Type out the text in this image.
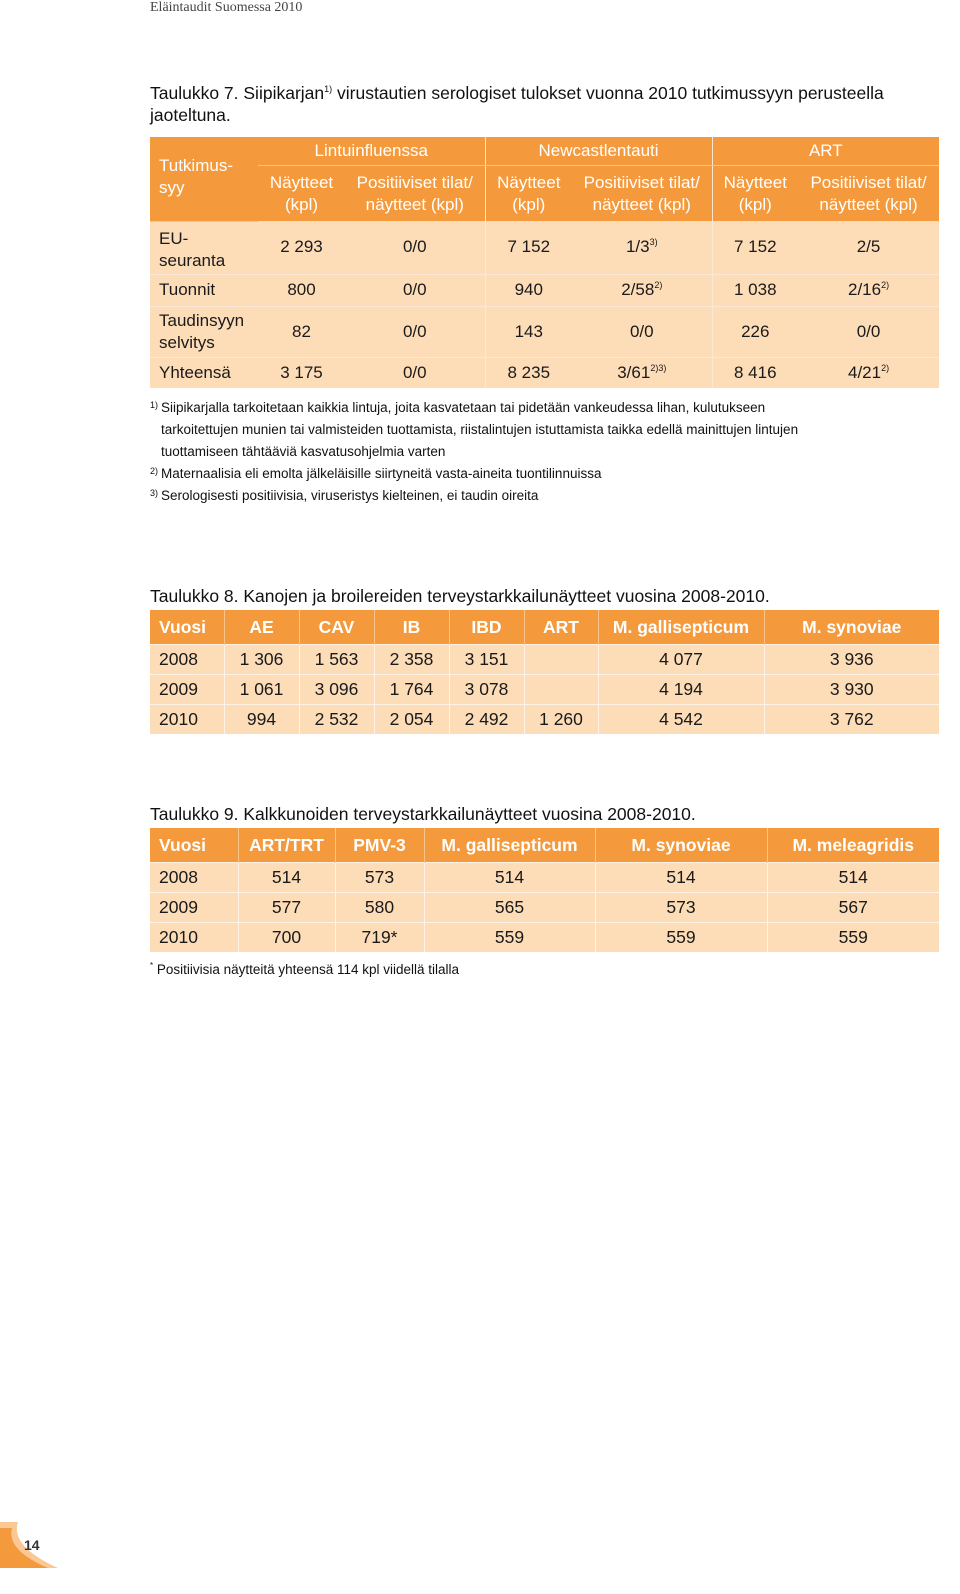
Eläintaudit Suomessa 2010
Taulukko 7. Siipikarjan$^{1)}$ virustautien serologiset tulokset vuonna 2010 tutkimussyyn perusteella jaoteltuna.
Tutkimus-
syy	Lintuinfluenssa		Newcastlentauti		ART	
	Näytteet (kpl)	Positiiviset tilat/ näytteet (kpl)	Näytteet (kpl)	Positiiviset tilat/ näytteet (kpl)	Näytteet (kpl)	Positiiviset tilat/ näytteet (kpl)
EU-
seuranta	2 293	0/0	7 152	1/3$^{3)}$	7 152	2/5
Tuonnit	800	0/0	940	2/58$^{2)}$	1 038	2/16$^{2)}$
Taudinsyyn selvitys	82	0/0	143	0/0	226	0/0
Yhteensä	3 175	0/0	8 235	$3/61^{2)3)}$	8 416	4/21$^{2)}$
1) Siipikarjalla tarkoitetaan kaikkia lintuja, joita kasvatetaan tai pidetään vankeudessa lihan, kulutukseen tarkoitettujen munien tai valmisteiden tuottamista, riistalintujen istuttamista taikka edellä mainittujen lintujen tuottamiseen tähtääviä kasvatusohjelmia varten
2) Maternaalisia eli emolta jälkeläisille siirtyneitä vasta-aineita tuontilinnuissa
3) Serologisesti positiivisia, viruseristys kielteinen, ei taudin oireita
Taulukko 8. Kanojen ja broilereiden terveystarkkailunäytteet vuosina 2008-2010.
Vuosi	AE	CAV	IB	IBD	ART	M. gallisepticum	M. synoviae
2008	1 306	1 563	2 358	3 151		4 077	3 936
2009	1 061	3 096	1 764	3 078		4 194	3 930
2010	994	2 532	2 054	2 492	1 260	4 542	3 762
Taulukko 9. Kalkkunoiden terveystarkkailunäytteet vuosina 2008-2010.
Vuosi	ART/TRT	PMV-3	M. gallisepticum	M. synoviae	M. meleagridis
2008	514	573	514	514	514
2009	577	580	565	573	567
2010	700	719*	559	559	559
* Positiivisia näytteitä yhteensä 114 kpl viidellä tilalla
14
